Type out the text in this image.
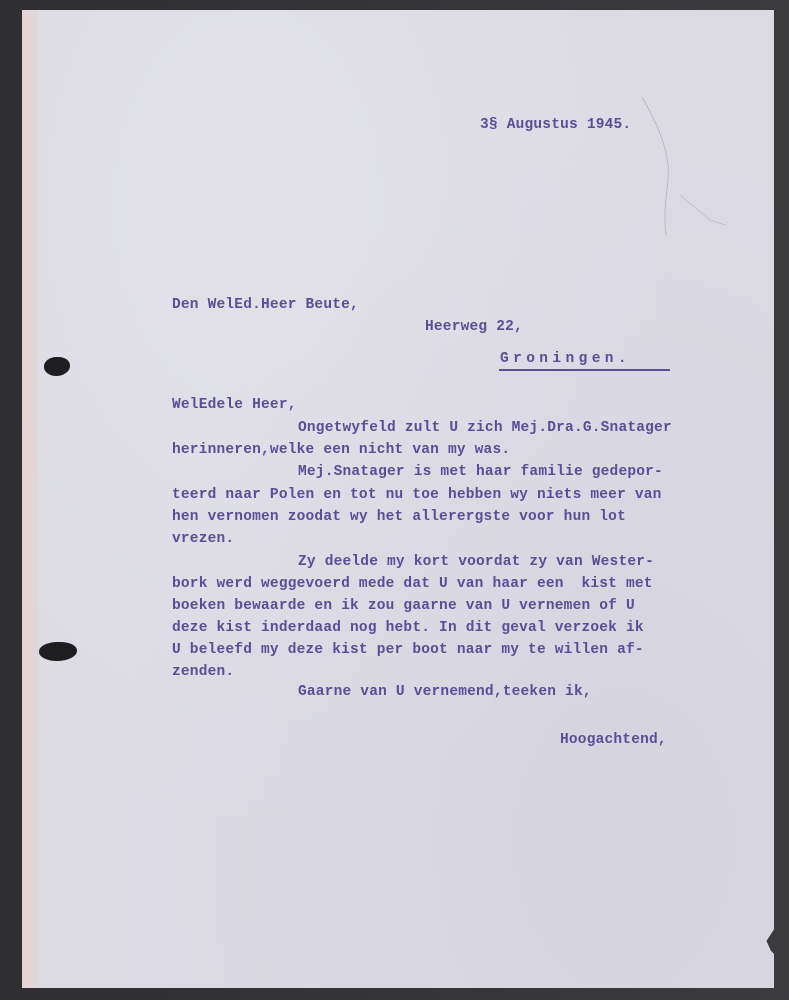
3§ Augustus 1945.
Den WelEd.Heer Beute,
Heerweg 22,
Groningen.
WelEdele Heer,
Ongetwyfeld zult U zich Mej.Dra.G.Snatager
herinneren,welke een nicht van my was.
Mej.Snatager is met haar familie gedepor-
teerd naar Polen en tot nu toe hebben wy niets meer van
hen vernomen zoodat wy het allerergste voor hun lot
vrezen.
Zy deelde my kort voordat zy van Wester-
bork werd weggevoerd mede dat U van haar een  kist met
boeken bewaarde en ik zou gaarne van U vernemen of U
deze kist inderdaad nog hebt. In dit geval verzoek ik
U beleefd my deze kist per boot naar my te willen af-
zenden.
Gaarne van U vernemend,teeken ik,
Hoogachtend,
